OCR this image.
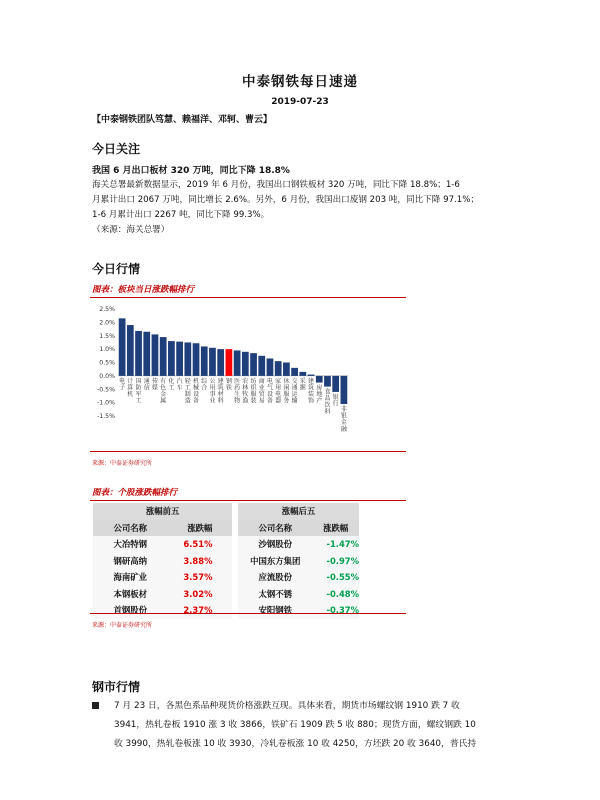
中泰钢铁每日速递
2019-07-23
【中泰钢铁团队笃慧、赖福洋、邓轲、曹云】
今日关注
我国 6 月出口板材 320 万吨，同比下降 18.8%
海关总署最新数据显示，2019 年 6 月份，我国出口钢铁板材 320 万吨，同比下降 18.8%；1-6
月累计出口 2067 万吨，同比增长 2.6%。另外，6 月份，我国出口废钢 203 吨，同比下降 97.1%；
1-6 月累计出口 2267 吨，同比下降 99.3%。
（来源：海关总署）
今日行情
图表：板块当日涨跌幅排行
2.5%
2.0%
1.5%
1.0%
0.5%
0.0%
-0.5%
-1.0%
-1.5%
电子
计算机
国防军工
通信
传媒
有色金属
化工
汽车
轻工制造
机械设备
综合
公用事业
建筑材料
钢铁
医药生物
农林牧渔
纺织服装
商业贸易
电气设备
家用电器
休闲服务
交通运输
采掘
建筑装饰
房地产
食品饮料
银行
非银金融
来源：中泰证券研究所
图表：个股涨跌幅排行
涨幅前五			涨幅后五	
公司名称	涨跌幅		公司名称	涨跌幅
大冶特钢	6.51%		沙钢股份	-1.47%
钢研高纳	3.88%		中国东方集团	-0.97%
海南矿业	3.57%		应流股份	-0.55%
本钢板材	3.02%		太钢不锈	-0.48%
首钢股份	2.37%		安阳钢铁	-0.37%
来源：中泰证券研究所
钢市行情
7 月 23 日，各黑色系品种现货价格涨跌互现。具体来看，期货市场螺纹钢 1910 跌 7 收
3941，热轧卷板 1910 涨 3 收 3866，铁矿石 1909 跌 5 收 880；现货方面，螺纹钢跌 10
收 3990，热轧卷板涨 10 收 3930，冷轧卷板涨 10 收 4250，方坯跌 20 收 3640，普氏持
